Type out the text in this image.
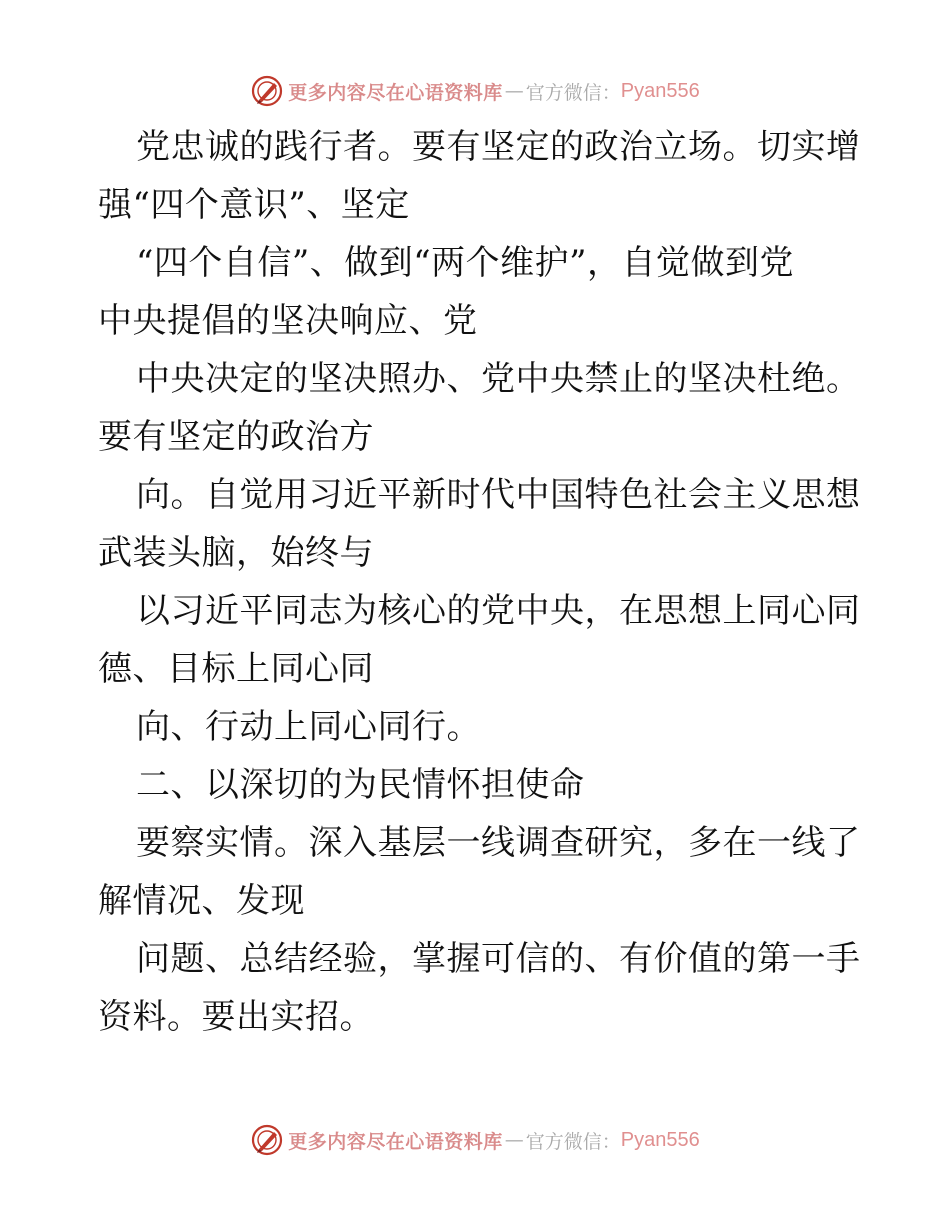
更多内容尽在心语资料库 — 官方微信： Pyan556
党忠诚的践行者。要有坚定的政治立场。切实增
强“四个意识”、坚定
“四个自信”、做到“两个维护”，自觉做到党
中央提倡的坚决响应、党
中央决定的坚决照办、党中央禁止的坚决杜绝。
要有坚定的政治方
向。自觉用习近平新时代中国特色社会主义思想
武装头脑，始终与
以习近平同志为核心的党中央，在思想上同心同
德、目标上同心同
向、行动上同心同行。
二、以深切的为民情怀担使命
要察实情。深入基层一线调查研究，多在一线了
解情况、发现
问题、总结经验，掌握可信的、有价值的第一手
资料。要出实招。
更多内容尽在心语资料库 — 官方微信： Pyan556
